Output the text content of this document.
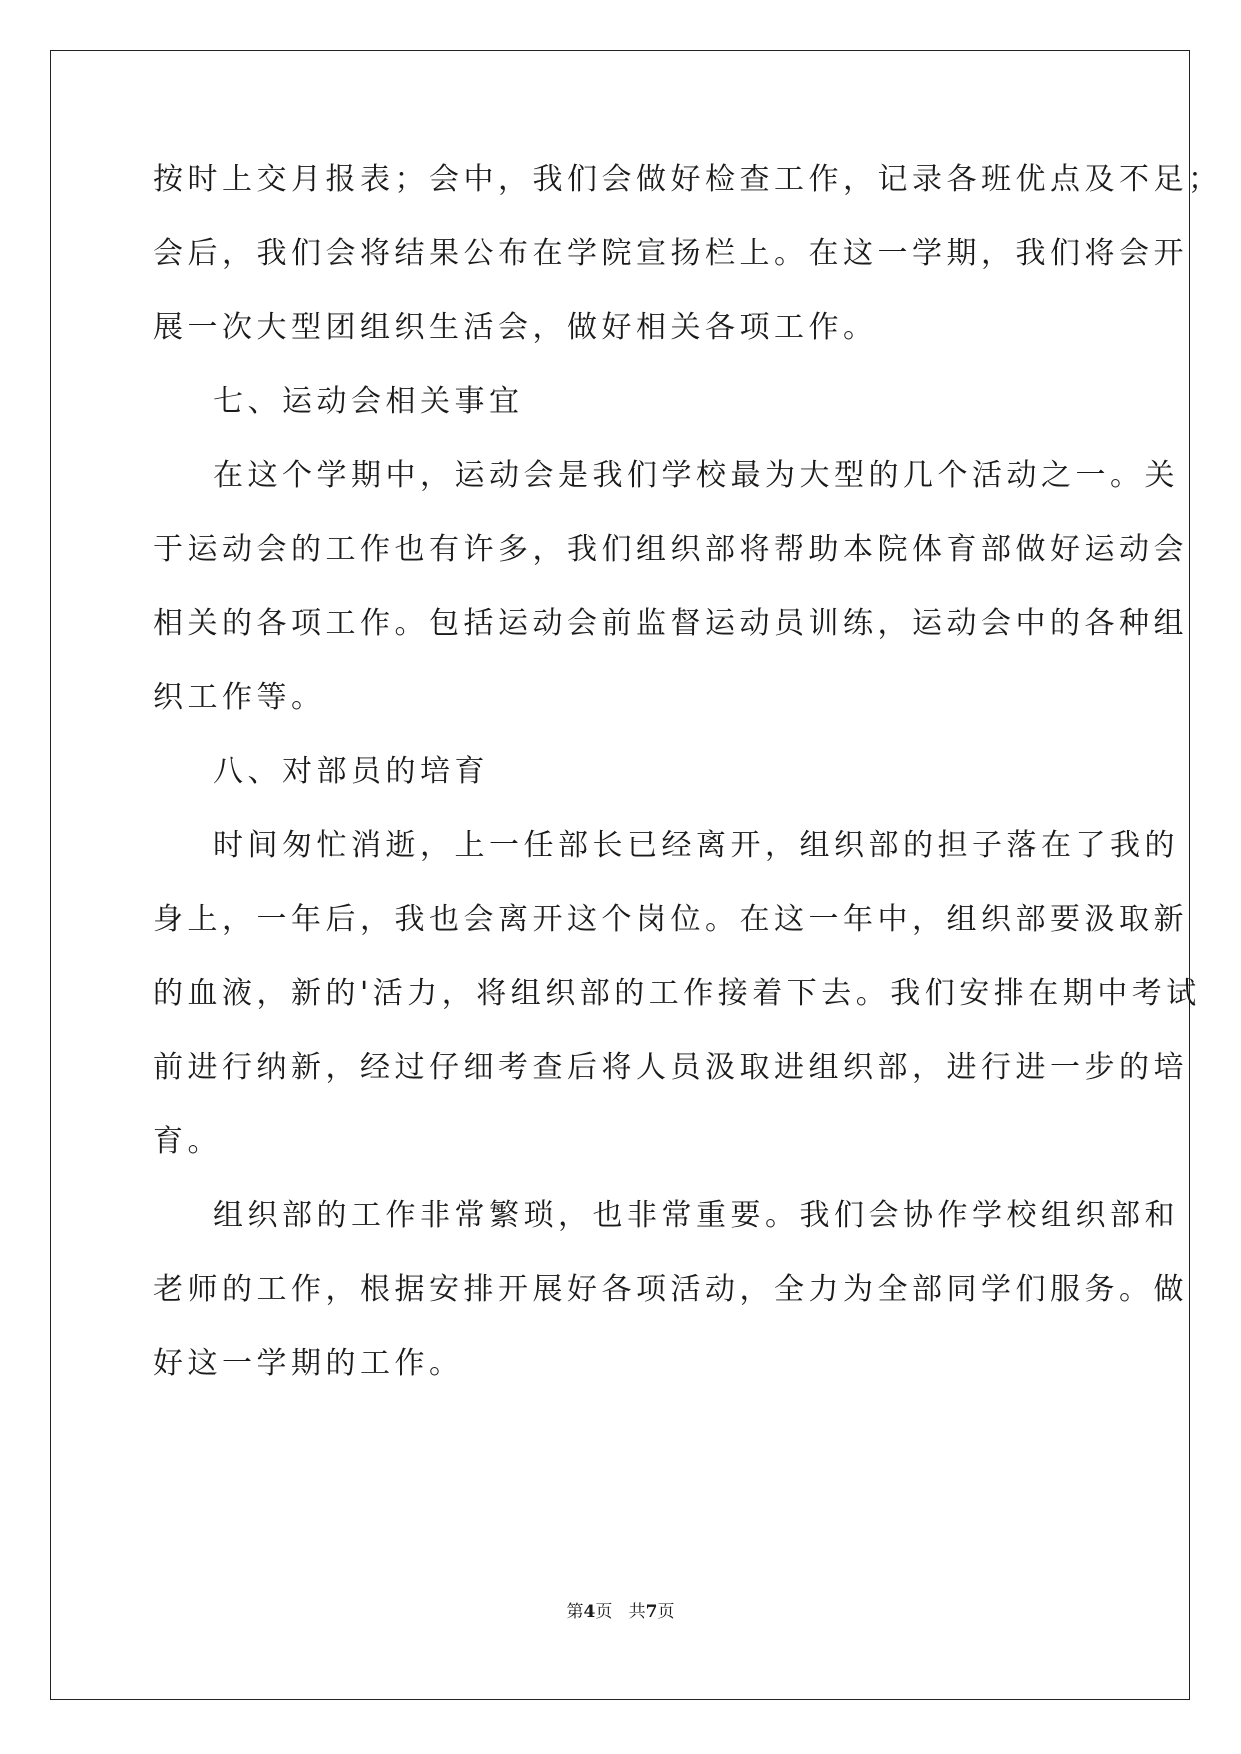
按时上交月报表；会中，我们会做好检查工作，记录各班优点及不足；
会后，我们会将结果公布在学院宣扬栏上。在这一学期，我们将会开
展一次大型团组织生活会，做好相关各项工作。
七、运动会相关事宜
在这个学期中，运动会是我们学校最为大型的几个活动之一。关
于运动会的工作也有许多，我们组织部将帮助本院体育部做好运动会
相关的各项工作。包括运动会前监督运动员训练，运动会中的各种组
织工作等。
八、对部员的培育
时间匆忙消逝，上一任部长已经离开，组织部的担子落在了我的
身上，一年后，我也会离开这个岗位。在这一年中，组织部要汲取新
的血液，新的'活力，将组织部的工作接着下去。我们安排在期中考试
前进行纳新，经过仔细考查后将人员汲取进组织部，进行进一步的培
育。
组织部的工作非常繁琐，也非常重要。我们会协作学校组织部和
老师的工作，根据安排开展好各项活动，全力为全部同学们服务。做
好这一学期的工作。
第4页 共7页
